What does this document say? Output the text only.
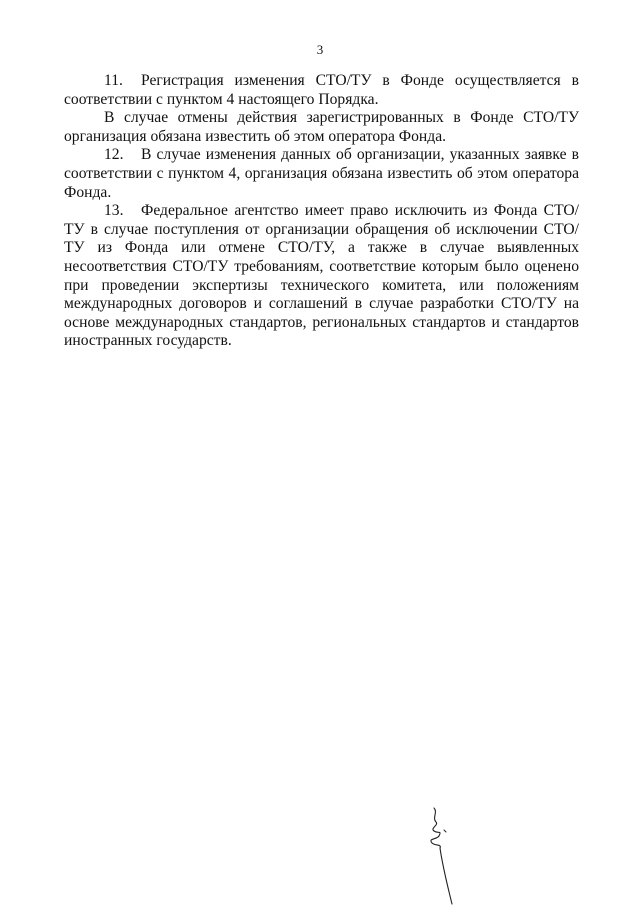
3

11. Регистрация изменения СТО/ТУ в Фонде осуществляется в соответствии с пунктом 4 настоящего Порядка.

В случае отмены действия зарегистрированных в Фонде СТО/ТУ организация обязана известить об этом оператора Фонда.

12. В случае изменения данных об организации, указанных заявке в соответствии с пунктом 4, организация обязана известить об этом оператора Фонда.

13. Федеральное агентство имеет право исключить из Фонда СТО/ТУ в случае поступления от организации обращения об исключении СТО/ТУ из Фонда или отмене СТО/ТУ, а также в случае выявленных несоответствия СТО/ТУ требованиям, соответствие которым было оценено при проведении экспертизы технического комитета, или положениям международных договоров и соглашений в случае разработки СТО/ТУ на основе международных стандартов, региональных стандартов и стандартов иностранных государств.
